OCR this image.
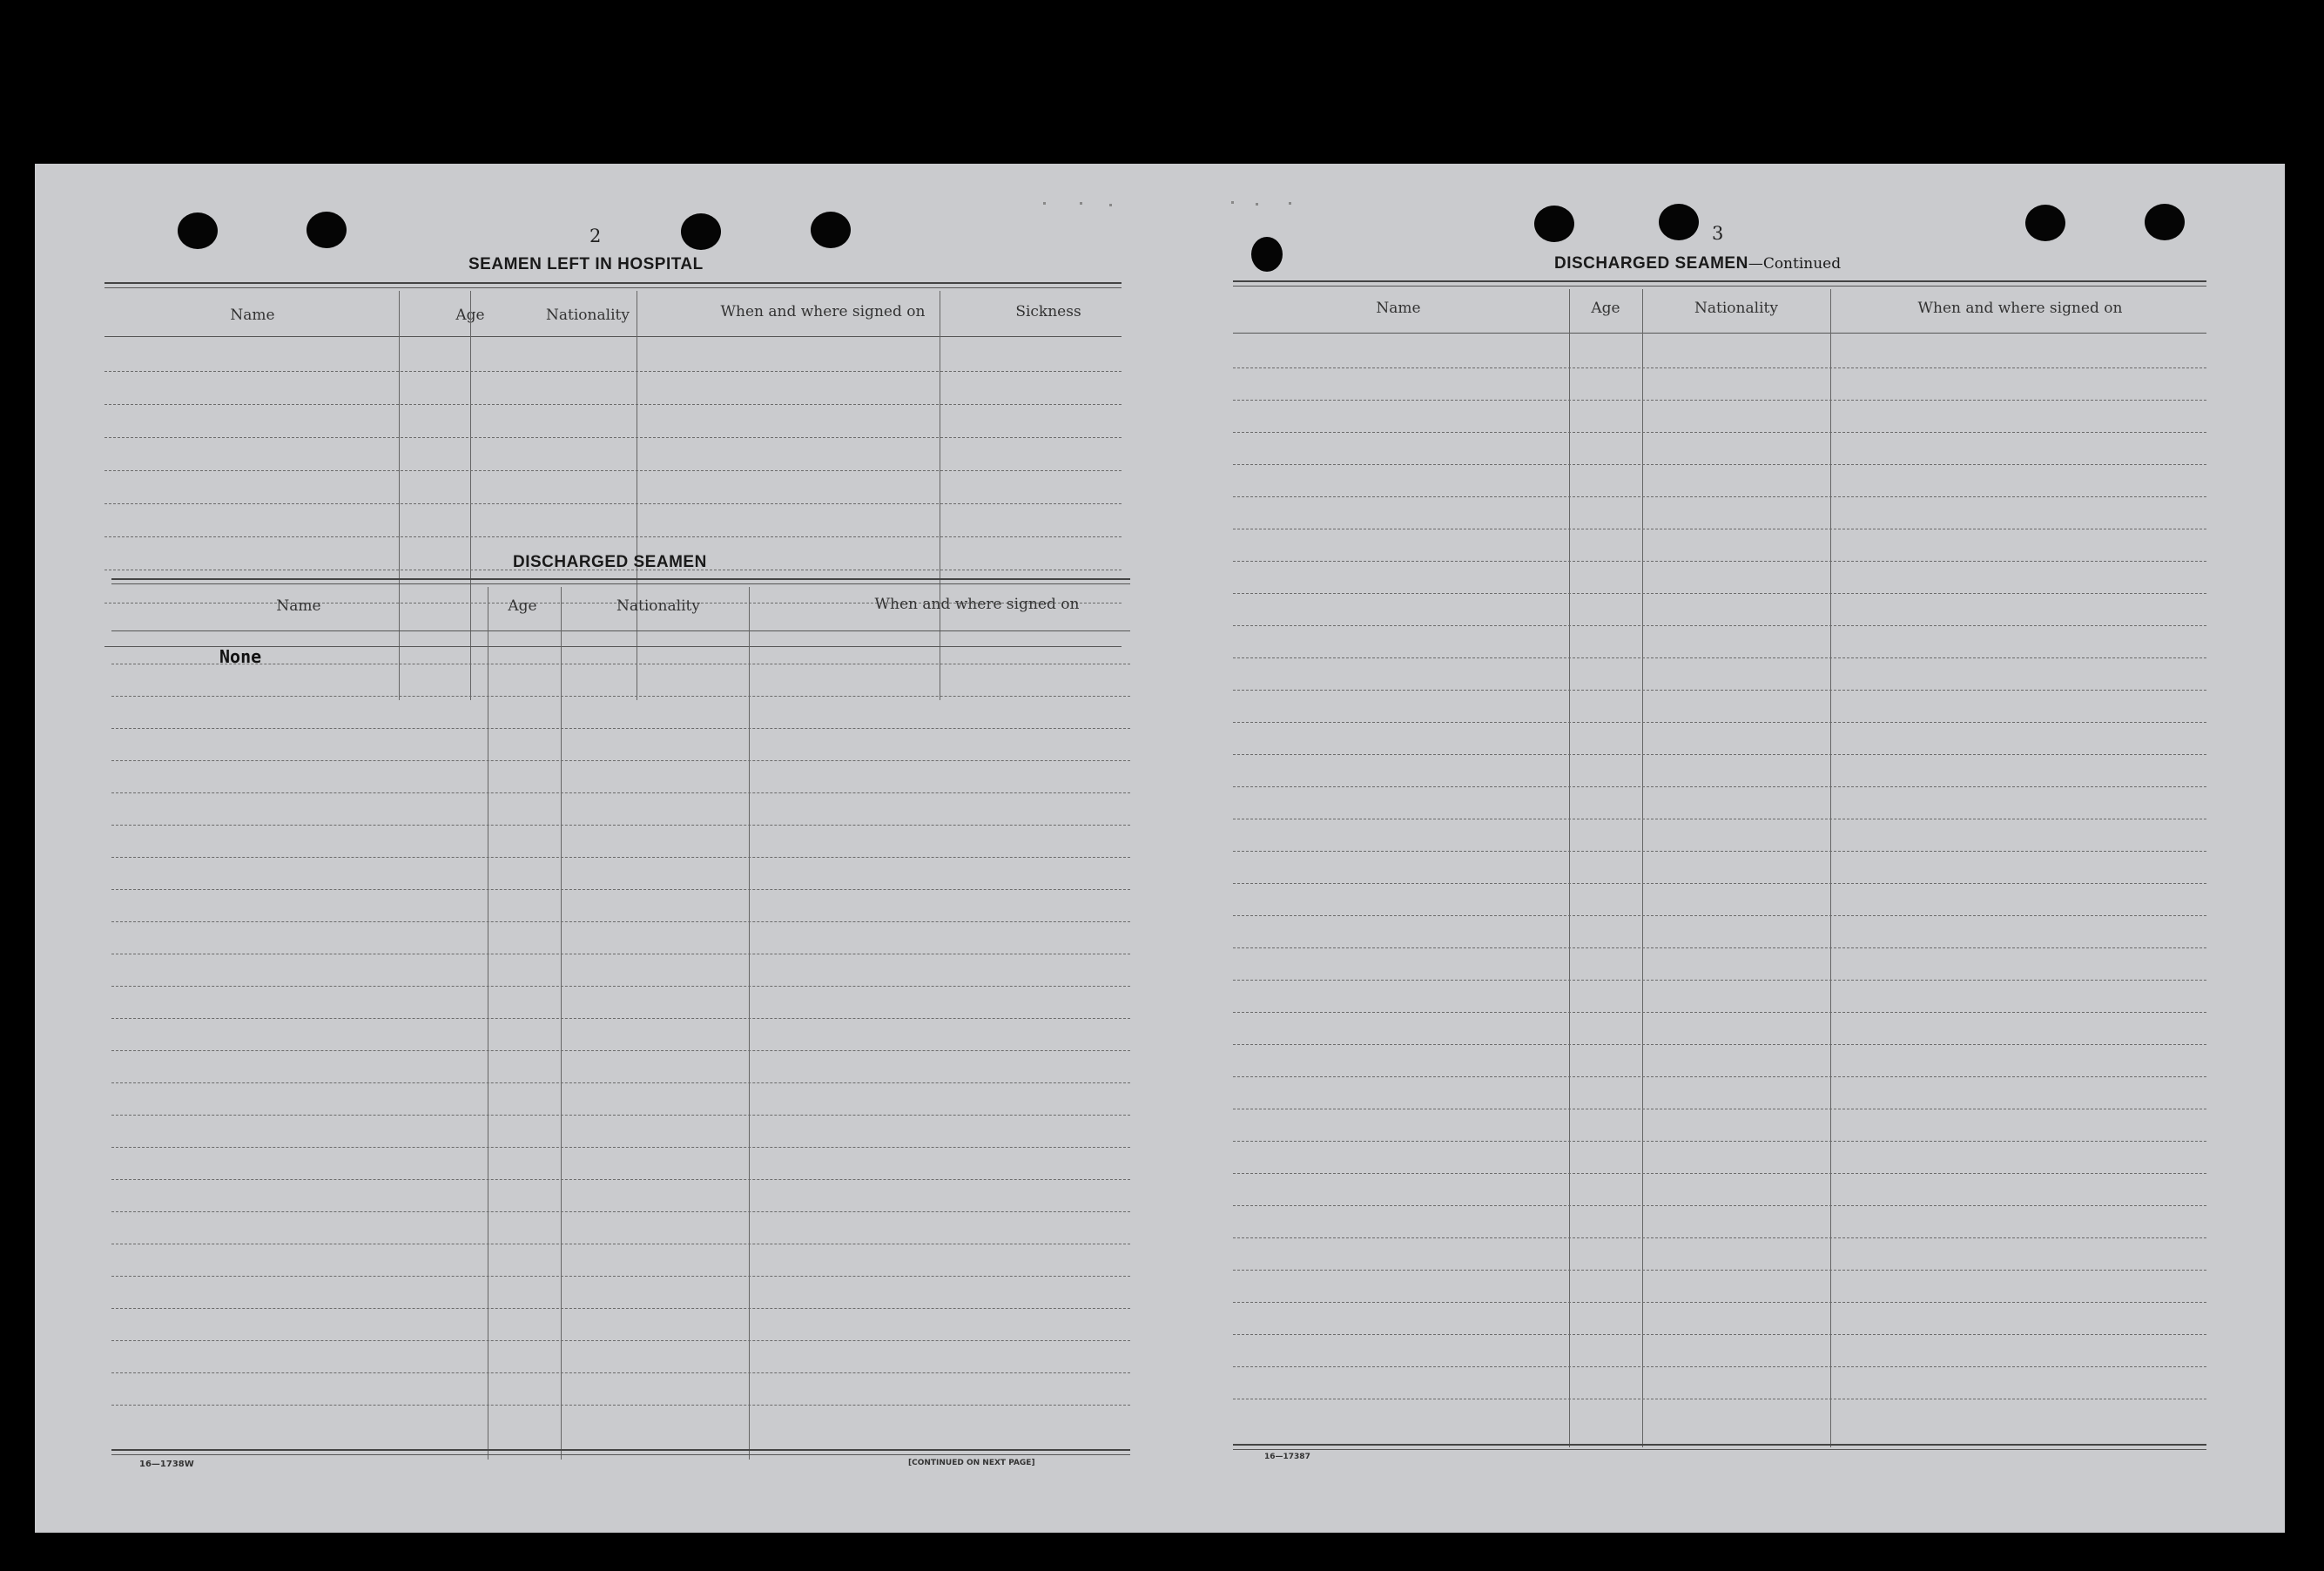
2
SEAMEN LEFT IN HOSPITAL
Name	Age	Nationality	When and where signed on	Sickness
DISCHARGED SEAMEN
Name	Age	Nationality	When and where signed on
None
16—1738W	[CONTINUED ON NEXT PAGE]
3
DISCHARGED SEAMEN—Continued
Name	Age	Nationality	When and where signed on
16—17387
